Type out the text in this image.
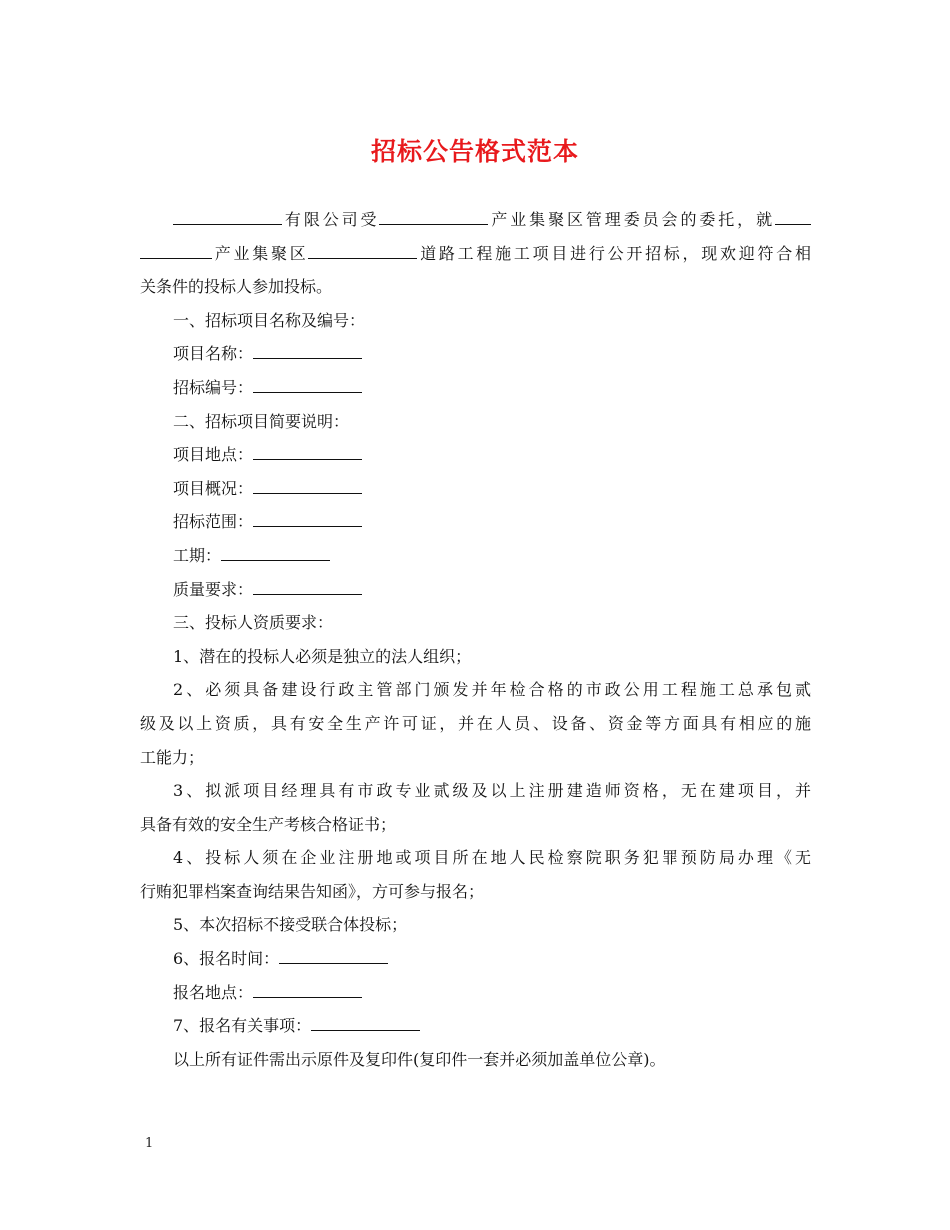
招标公告格式范本

有限公司受	产业集聚区管理委员会的委托，就

产业集聚区	道路工程施工项目进行公开招标，现欢迎符合相

关条件的投标人参加投标。

一、招标项目名称及编号：

项目名称：

招标编号：

二、招标项目简要说明：

项目地点：

项目概况：

招标范围：

工期：

质量要求：

三、投标人资质要求：

1、潜在的投标人必须是独立的法人组织；

2、必须具备建设行政主管部门颁发并年检合格的市政公用工程施工总承包贰

级及以上资质，具有安全生产许可证，并在人员、设备、资金等方面具有相应的施

工能力；

3、拟派项目经理具有市政专业贰级及以上注册建造师资格，无在建项目，并

具备有效的安全生产考核合格证书；

4、投标人须在企业注册地或项目所在地人民检察院职务犯罪预防局办理《无

行贿犯罪档案查询结果告知函》，方可参与报名；

5、本次招标不接受联合体投标；

6、报名时间：

报名地点：

7、报名有关事项：

以上所有证件需出示原件及复印件(复印件一套并必须加盖单位公章)。

1
